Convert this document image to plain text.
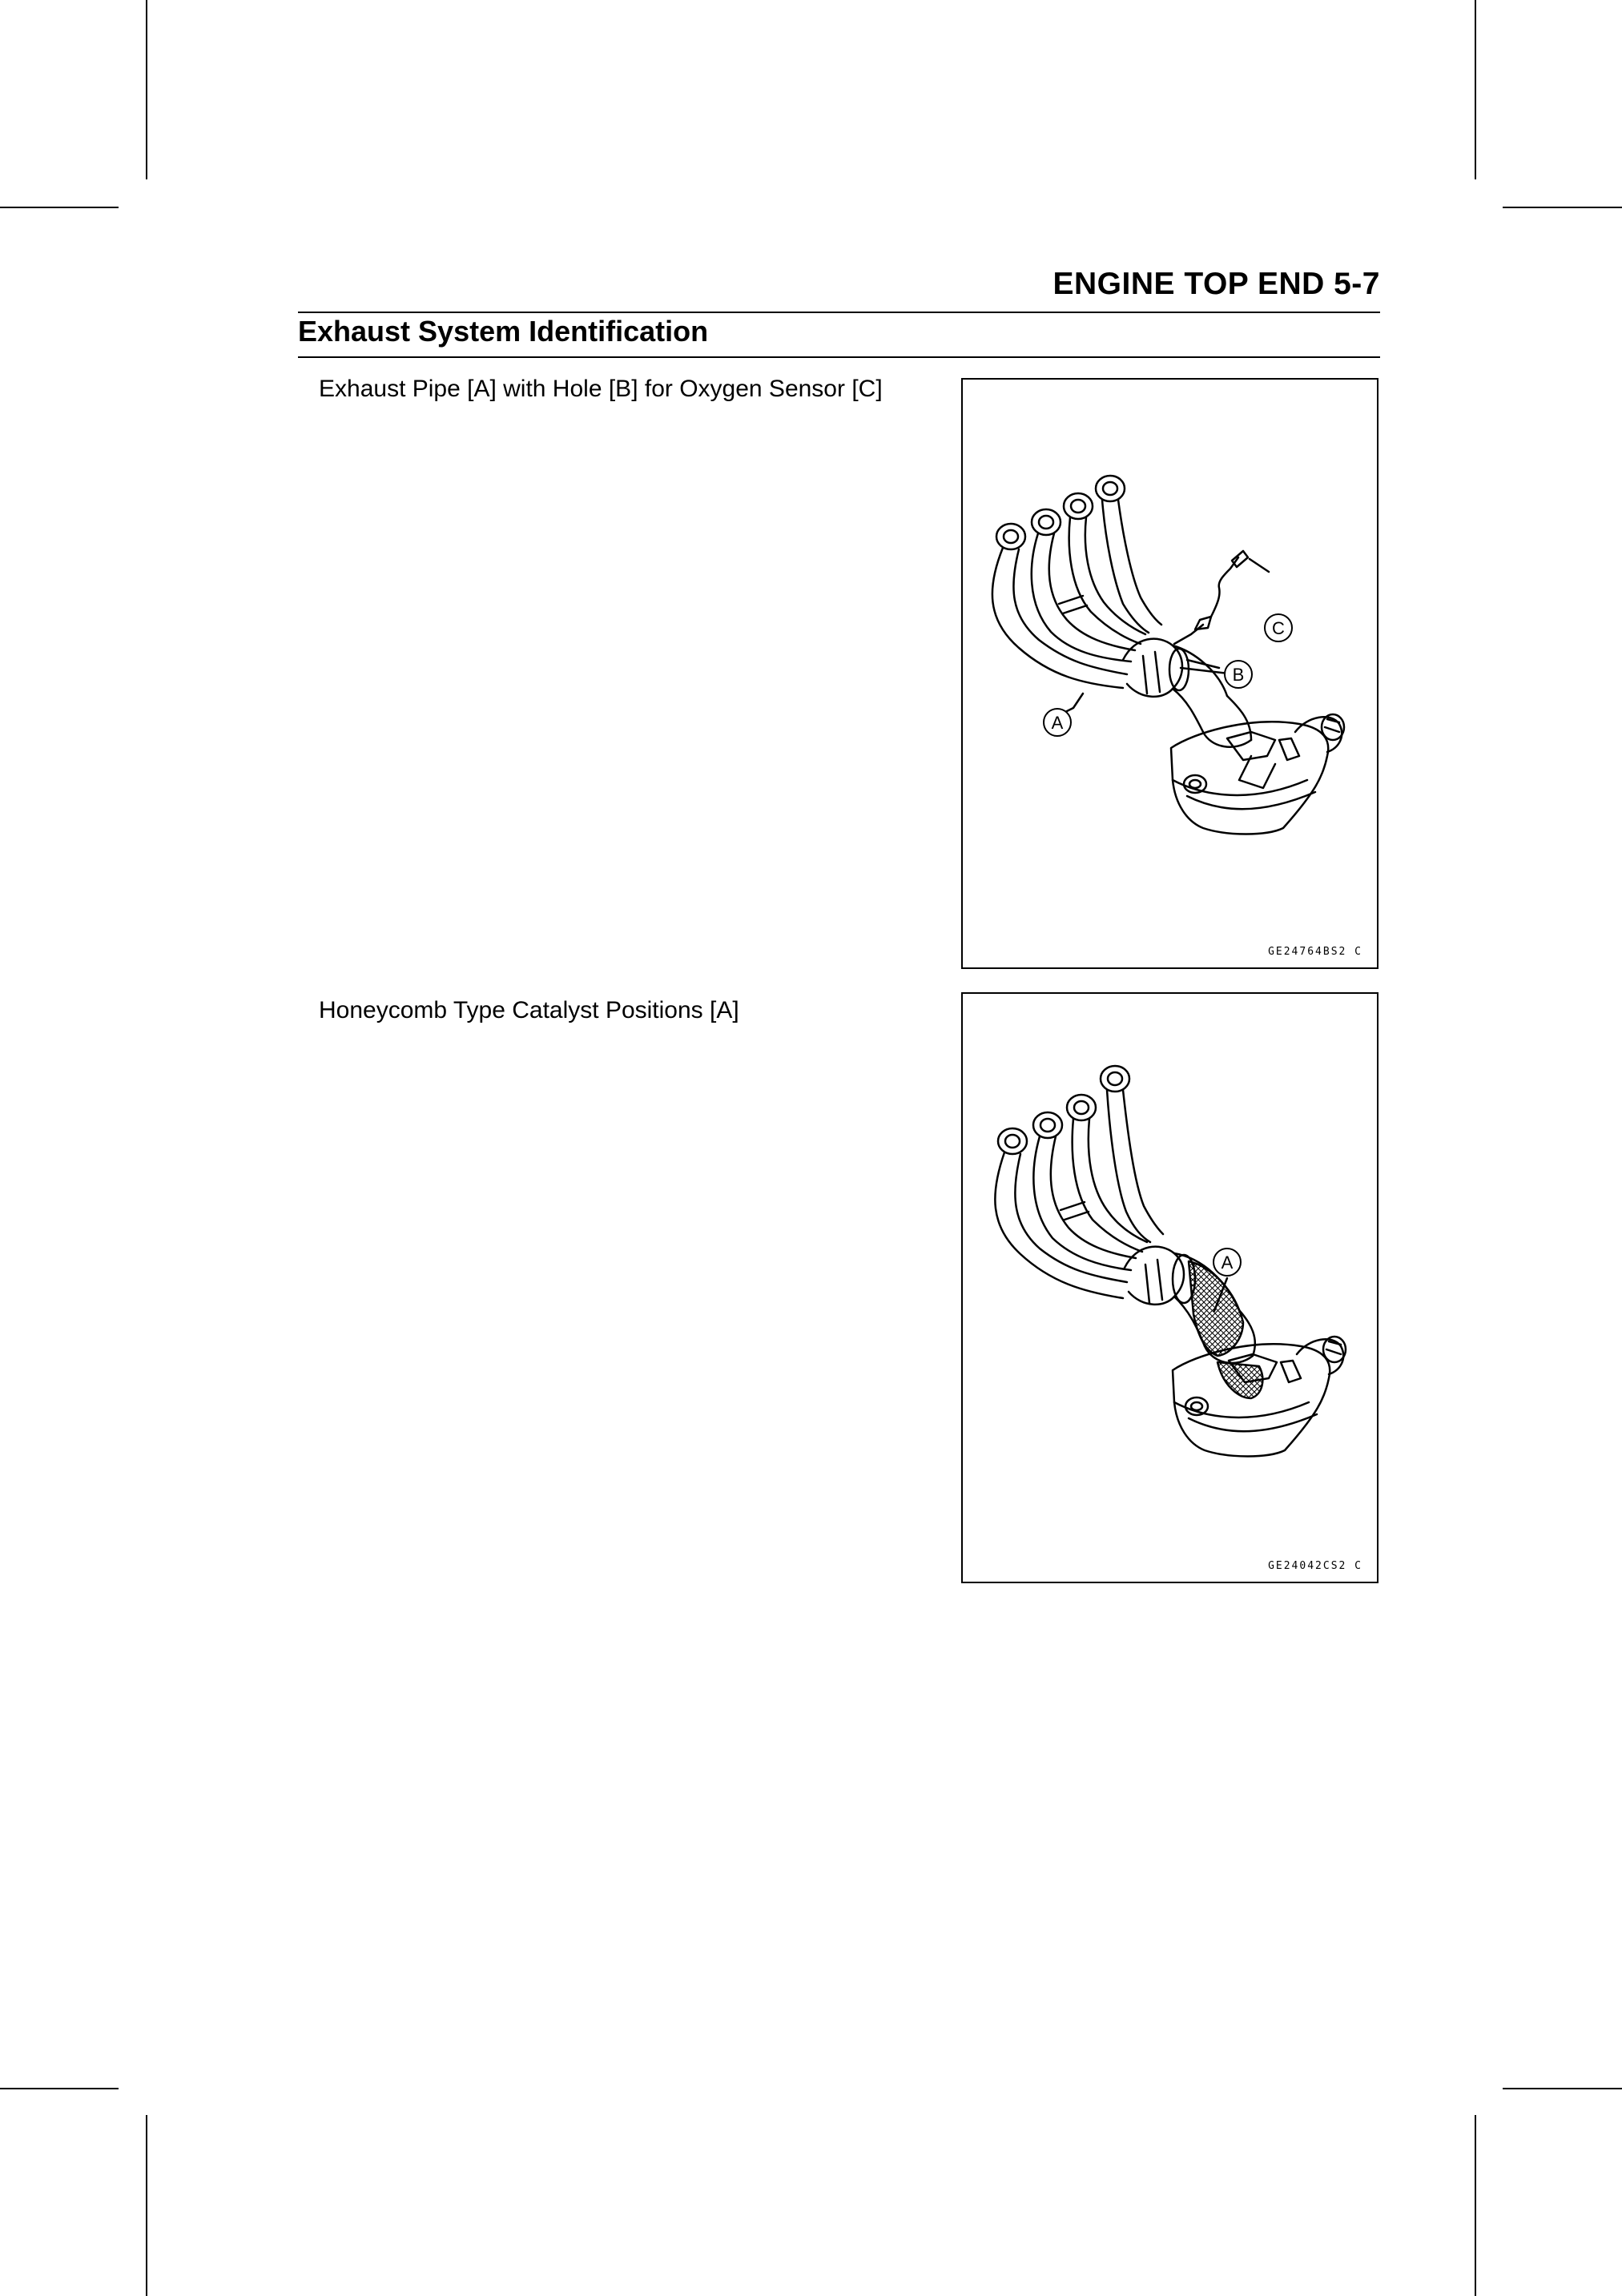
ENGINE TOP END 5-7
Exhaust System Identification
Exhaust Pipe [A] with Hole [B] for Oxygen Sensor [C]
C
B
A
GE24764BS2 C
Honeycomb Type Catalyst Positions [A]
A
GE24042CS2 C
